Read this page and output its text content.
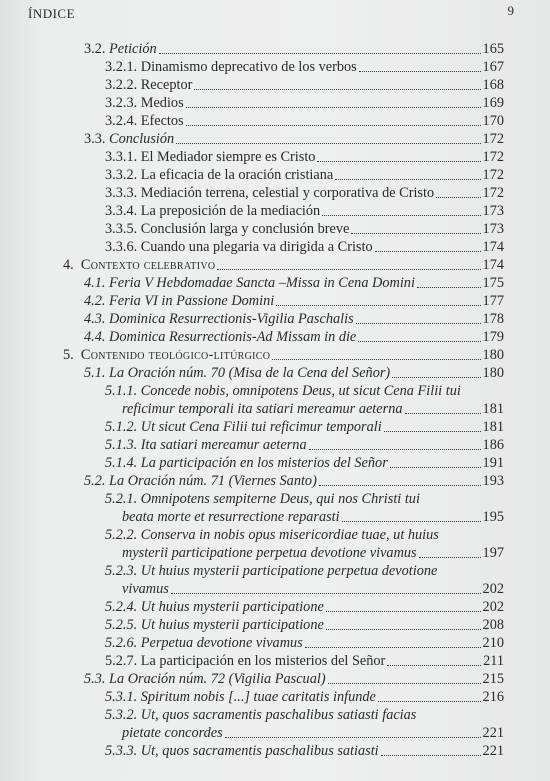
ÍNDICE	9
3.2. Petición	165
3.2.1. Dinamismo deprecativo de los verbos	167
3.2.2. Receptor	168
3.2.3. Medios	169
3.2.4. Efectos	170
3.3. Conclusión	172
3.3.1. El Mediador siempre es Cristo	172
3.3.2. La eficacia de la oración cristiana	172
3.3.3. Mediación terrena, celestial y corporativa de Cristo	172
3.3.4. La preposición de la mediación	173
3.3.5. Conclusión larga y conclusión breve	173
3.3.6. Cuando una plegaria va dirigida a Cristo	174
4. Contexto celebrativo	174
4.1. Feria V Hebdomadae Sancta –Missa in Cena Domini	175
4.2. Feria VI in Passione Domini	177
4.3. Dominica Resurrectionis-Vigilia Paschalis	178
4.4. Dominica Resurrectionis-Ad Missam in die	179
5. Contenido teológico-litúrgico	180
5.1. La Oración núm. 70 (Misa de la Cena del Señor)	180
5.1.1. Concede nobis, omnipotens Deus, ut sicut Cena Filii tui
reficimur temporali ita satiari mereamur aeterna	181
5.1.2. Ut sicut Cena Filii tui reficimur temporali	181
5.1.3. Ita satiari mereamur aeterna	186
5.1.4. La participación en los misterios del Señor	191
5.2. La Oración núm. 71 (Viernes Santo)	193
5.2.1. Omnipotens sempiterne Deus, qui nos Christi tui
beata morte et resurrectione reparasti	195
5.2.2. Conserva in nobis opus misericordiae tuae, ut huius
mysterii participatione perpetua devotione vivamus	197
5.2.3. Ut huius mysterii participatione perpetua devotione
vivamus	202
5.2.4. Ut huius mysterii participatione	202
5.2.5. Ut huius mysterii participatione	208
5.2.6. Perpetua devotione vivamus	210
5.2.7. La participación en los misterios del Señor	211
5.3. La Oración núm. 72 (Vigilia Pascual)	215
5.3.1. Spiritum nobis [...] tuae caritatis infunde	216
5.3.2. Ut, quos sacramentis paschalibus satiasti facias
pietate concordes	221
5.3.3. Ut, quos sacramentis paschalibus satiasti	221
